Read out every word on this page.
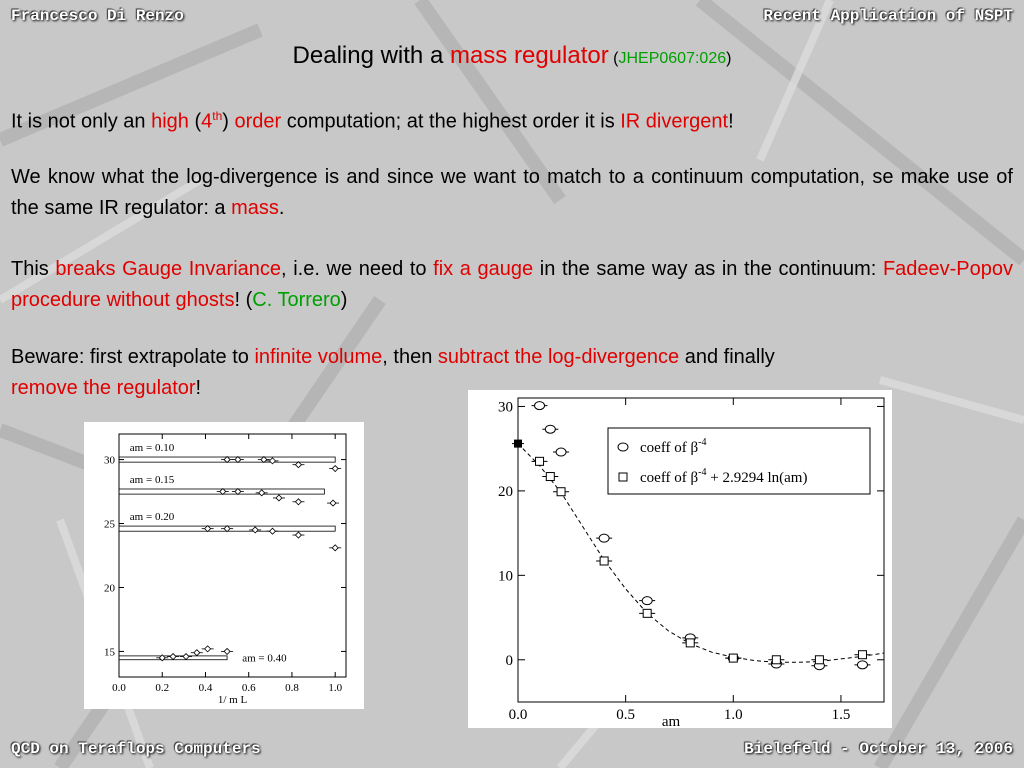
Francesco Di Renzo	Recent Application of NSPT
Dealing with a mass regulator (JHEP0607:026)
It is not only an high (4th) order computation; at the highest order it is IR divergent!
We know what the log-divergence is and since we want to match to a continuum computation, se make use of the same IR regulator: a mass.
This breaks Gauge Invariance, i.e. we need to fix a gauge in the same way as in the continuum: Fadeev-Popov procedure without ghosts! (C. Torrero)
Beware: first extrapolate to infinite volume, then subtract the log-divergence and finally
remove the regulator!
0.0	0.2	0.4	0.6	0.8	1.0
15
20
25
30
1/ m L
am = 0.10
am = 0.15
am = 0.20
am = 0.40
0.0	0.5	1.0	1.5
0
10
20
30
am
coeff of $\beta^{-4}$
coeff of $\beta^{-4} + 2.9294$ ln(am)
QCD on Teraflops Computers	Bielefeld - October 13, 2006
